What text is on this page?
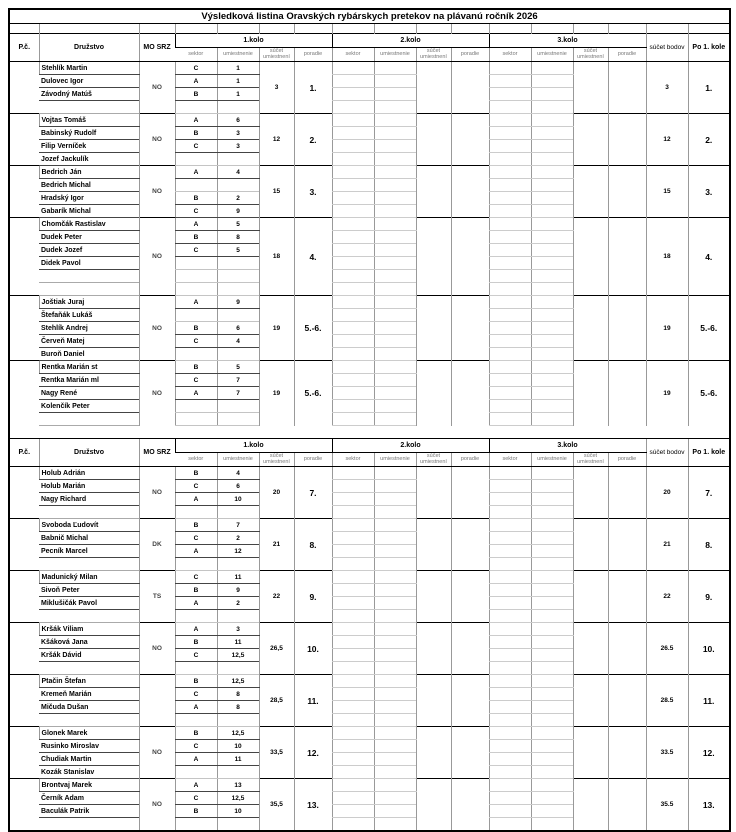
Výsledková listina Oravských rybárskych pretekov na plávanú ročník 2026																

P.č.	Družstvo	MO SRZ	1.kolo				2.kolo				3.kolo				súčet bodov	Po 1. kole
			sektor	umiestnenie	súčet umiestnení	poradie	sektor	umiestnenie	súčet umiestnení	poradie	sektor	umiestnenie	súčet umiestnení	poradie		
	Stehlík Martin	NO	C	1	3	1.									3	1.
	Dulovec Igor		A	1												
	Závodný Matúš		B	1												

	Vojtas Tomáš	NO	A	6	12	2.									12	2.
	Babinský Rudolf		B	3												
	Filip Verníček		C	3												
	Jozef Jackulík															
	Bedrich Ján	NO	A	4	15	3.									15	3.
	Bedrich Michal															
	Hradský Igor		B	2												
	Gabarík Michal		C	9												
	Chomčák Rastislav	NO	A	5	18	4.									18	4.
	Dudek Peter		B	8												
	Dudek Jozef		C	5												
	Didek Pavol															

	Joštiak Juraj	NO	A	9	19	5.-6.									19	5.-6.
	Štefaňák Lukáš															
	Stehlík Andrej		B	6												
	Červeň Matej		C	4												
	Buroň Daniel															
	Rentka Marián st	NO	B	5	19	5.-6.									19	5.-6.
	Rentka Marián ml		C	7												
	Nagy René		A	7												
	Kolenčík Peter															

P.č.	Družstvo	MO SRZ	1.kolo				2.kolo				3.kolo				súčet bodov	Po 1. kole
			sektor	umiestnenie	súčet umiestnení	poradie	sektor	umiestnenie	súčet umiestnení	poradie	sektor	umiestnenie	súčet umiestnení	poradie		
	Holub Adrián	NO	B	4	20	7.									20	7.
	Holub Marián		C	6												
	Nagy Richard		A	10												

	Svoboda Ľudovít	DK	B	7	21	8.									21	8.
	Babnič Michal		C	2												
	Pecník Marcel		A	12												

	Madunický Milan	TS	C	11	22	9.									22	9.
	Sivoň Peter		B	9												
	Miklušičák Pavol		A	2												

	Kršák Viliam	NO	A	3	26,5	10.									26.5	10.
	Kšáková Jana		B	11												
	Kršák Dávid		C	12,5												

	Ptačin Štefan		B	12,5	28,5	11.									28.5	11.
	Kremeň Marián		C	8												
	Mičuda Dušan		A	8												

	Glonek Marek	NO	B	12,5	33,5	12.									33.5	12.
	Rusinko Miroslav		C	10												
	Chudiak Martin		A	11												
	Kozák Stanislav															
	Brontvaj Marek	NO	A	13	35,5	13.									35.5	13.
	Černík Adam		C	12,5												
	Baculák Patrik		B	10												
